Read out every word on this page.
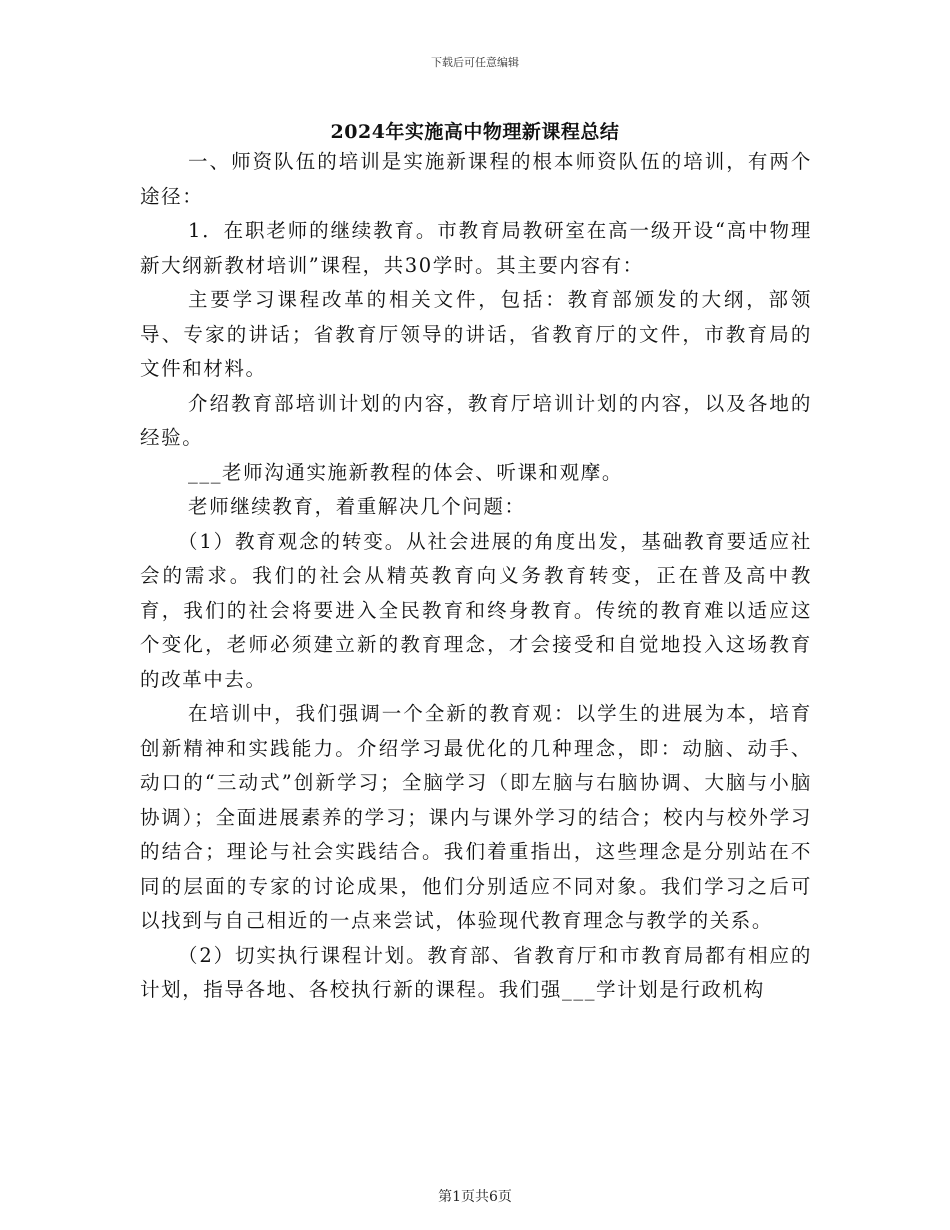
下载后可任意编辑
2024年实施高中物理新课程总结

一、师资队伍的培训是实施新课程的根本师资队伍的培训，有两个途径：

1．在职老师的继续教育。市教育局教研室在高一级开设“高中物理新大纲新教材培训”课程，共30学时。其主要内容有：

主要学习课程改革的相关文件，包括：教育部颁发的大纲，部领导、专家的讲话；省教育厅领导的讲话，省教育厅的文件，市教育局的文件和材料。

介绍教育部培训计划的内容，教育厅培训计划的内容，以及各地的经验。

___老师沟通实施新教程的体会、听课和观摩。

老师继续教育，着重解决几个问题：

（1）教育观念的转变。从社会进展的角度出发，基础教育要适应社会的需求。我们的社会从精英教育向义务教育转变，正在普及高中教育，我们的社会将要进入全民教育和终身教育。传统的教育难以适应这个变化，老师必须建立新的教育理念，才会接受和自觉地投入这场教育的改革中去。

在培训中，我们强调一个全新的教育观：以学生的进展为本，培育创新精神和实践能力。介绍学习最优化的几种理念，即：动脑、动手、动口的“三动式”创新学习；全脑学习（即左脑与右脑协调、大脑与小脑协调）；全面进展素养的学习；课内与课外学习的结合；校内与校外学习的结合；理论与社会实践结合。我们着重指出，这些理念是分别站在不同的层面的专家的讨论成果，他们分别适应不同对象。我们学习之后可以找到与自己相近的一点来尝试，体验现代教育理念与教学的关系。

（2）切实执行课程计划。教育部、省教育厅和市教育局都有相应的计划，指导各地、各校执行新的课程。我们强___学计划是行政机构

第1页共6页
